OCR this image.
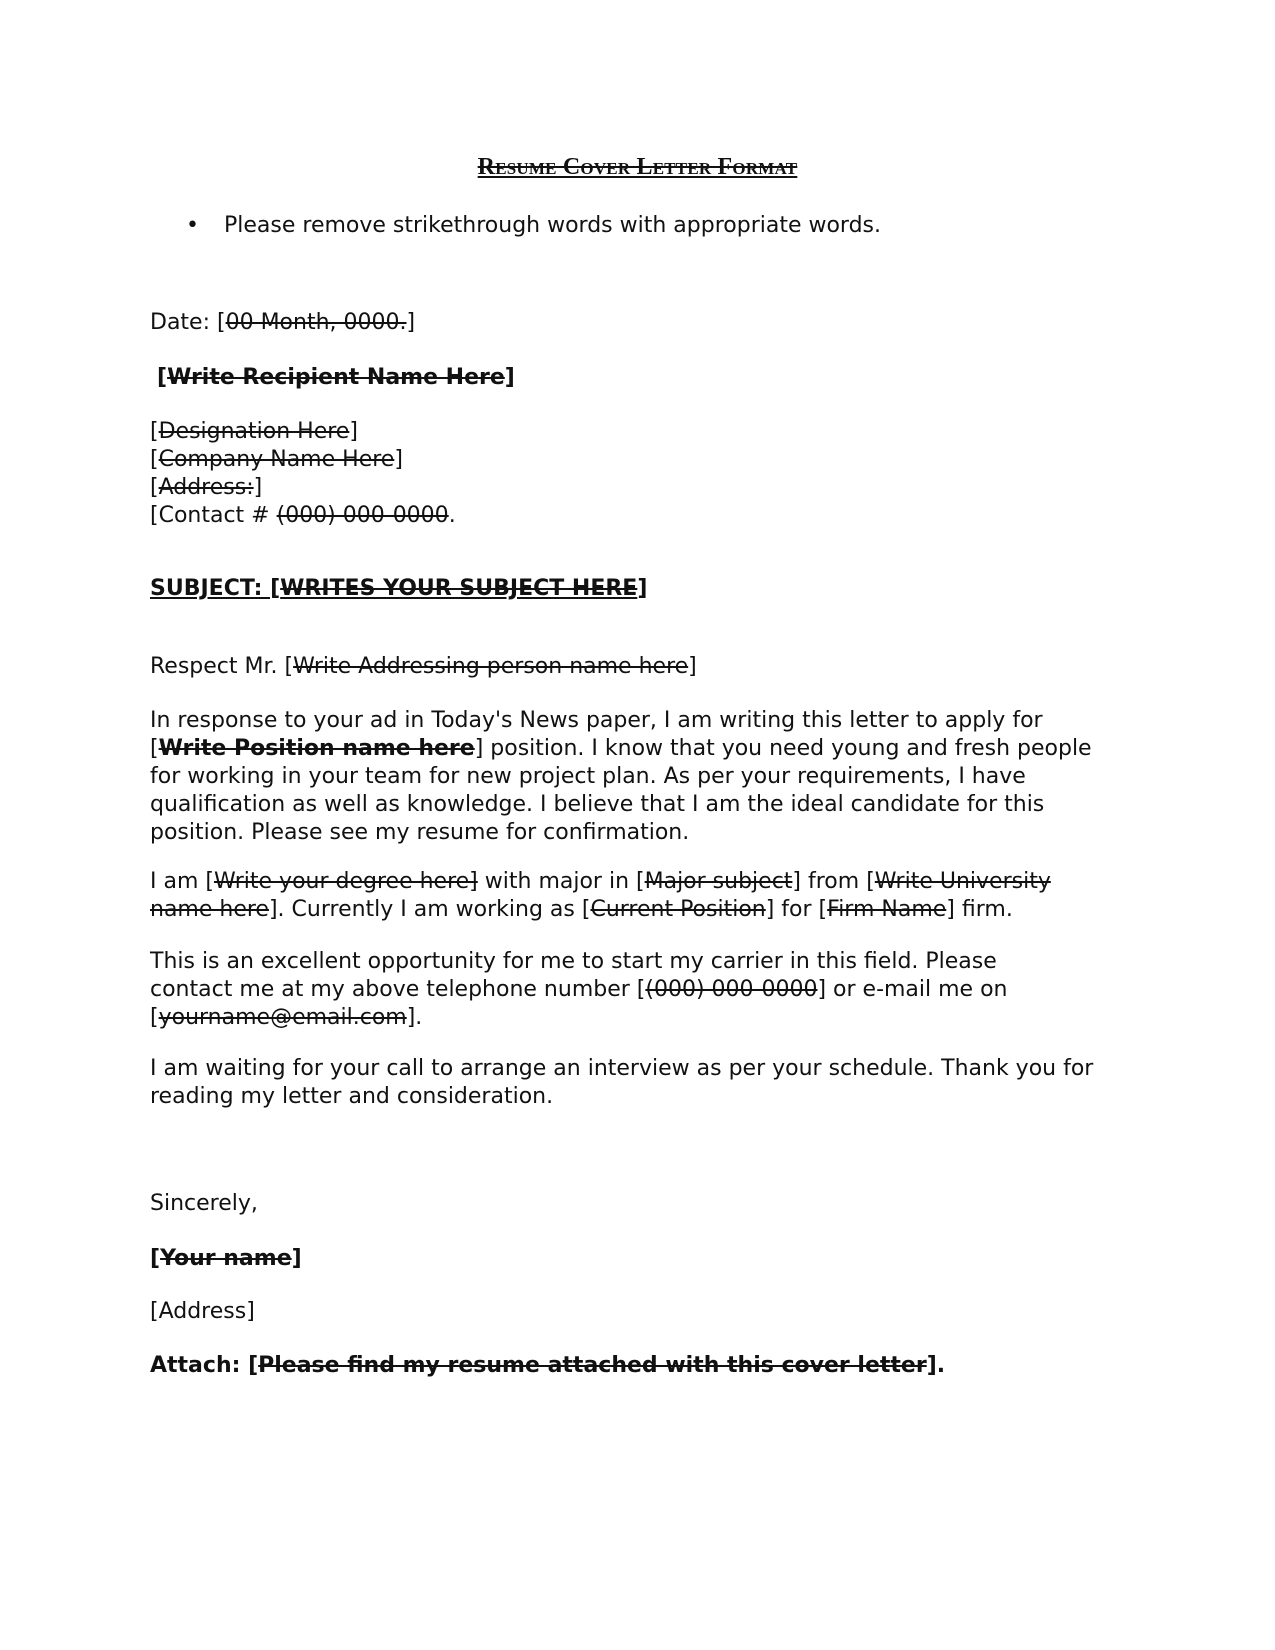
Resume Cover Letter Format
•	Please remove strikethrough words with appropriate words.
Date: [00 Month, 0000.]
[Write Recipient Name Here]

[Designation Here]

[Company Name Here]

[Address:]

[Contact # (000) 000-0000.

SUBJECT: [WRITES YOUR SUBJECT HERE]
Respect Mr. [Write Addressing person name here]
In response to your ad in Today's News paper, I am writing this letter to apply for [Write Position name here] position. I know that you need young and fresh people for working in your team for new project plan. As per your requirements, I have qualification as well as knowledge. I believe that I am the ideal candidate for this position. Please see my resume for confirmation.
I am [Write your degree here] with major in [Major subject] from [Write University name here]. Currently I am working as [Current Position] for [Firm Name] firm.
This is an excellent opportunity for me to start my carrier in this field. Please contact me at my above telephone number [(000) 000-0000] or e-mail me on [yourname@email.com].
I am waiting for your call to arrange an interview as per your schedule. Thank you for reading my letter and consideration.
Sincerely,
[Your name]
[Address]
Attach: [Please find my resume attached with this cover letter].
